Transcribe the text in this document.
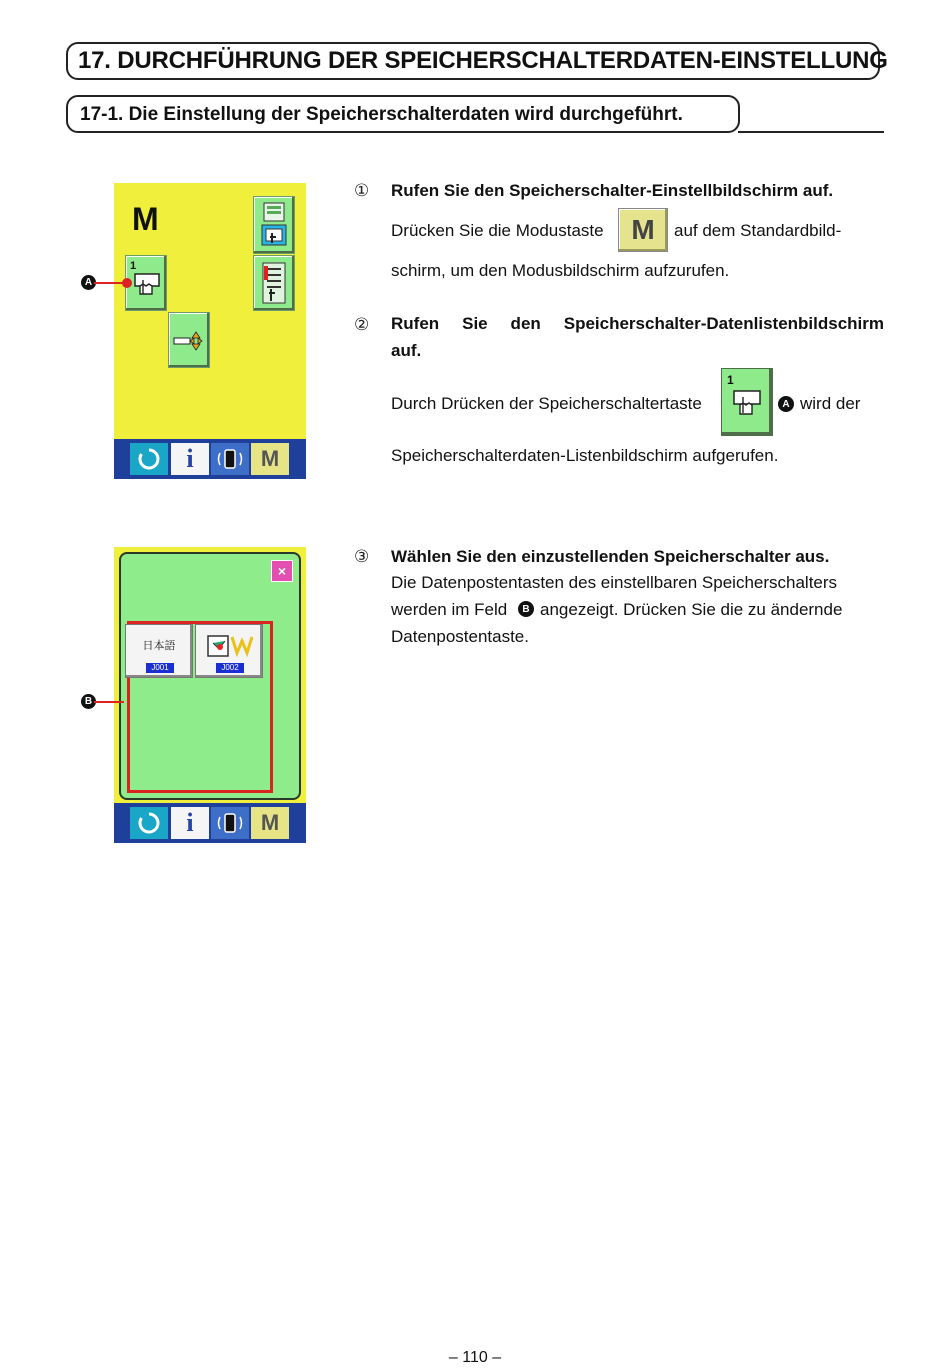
17. DURCHFÜHRUNG DER SPEICHERSCHALTERDATEN-EINSTELLUNG
17-1. Die Einstellung der Speicherschalterdaten wird durchgeführt.
M
1
i	M
A
×
日本語
J001	J002
i	M
B
① Rufen Sie den Speicherschalter-Einstellbildschirm auf.
Drücken Sie die Modustaste M	auf dem Standardbild-
schirm, um den Modusbildschirm aufzurufen.
② Rufen Sie den Speicherschalter-Datenlistenbildschirm
auf.
Durch Drücken der Speicherschaltertaste
1
A wird der
Speicherschalterdaten-Listenbildschirm aufgerufen.
③ Wählen Sie den einzustellenden Speicherschalter aus.
Die Datenpostentasten des einstellbaren Speicherschalters
werden im Feld	B angezeigt. Drücken Sie die zu ändernde
Datenpostentaste.
– 110 –
